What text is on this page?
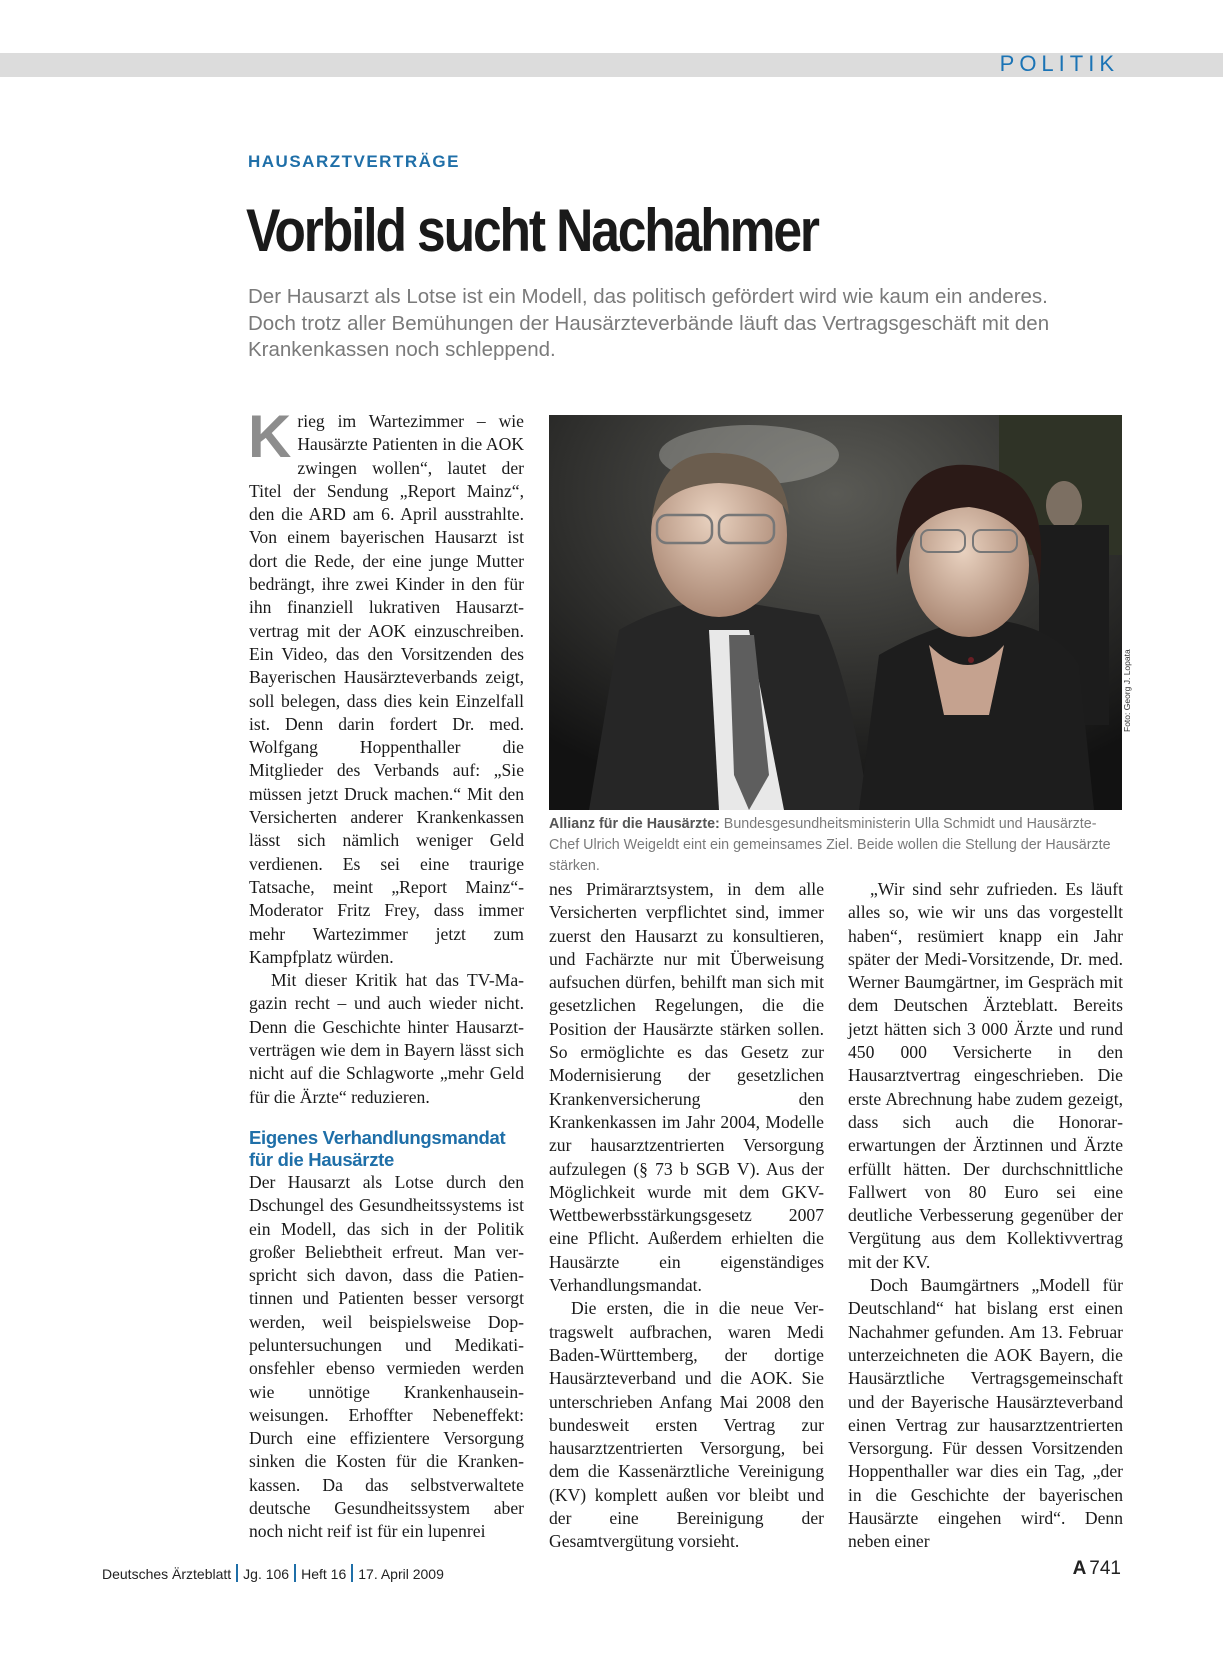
POLITIK
HAUSARZTVERTRÄGE
Vorbild sucht Nachahmer
Der Hausarzt als Lotse ist ein Modell, das politisch gefördert wird wie kaum ein anderes. Doch trotz aller Bemühungen der Hausärzteverbände läuft das Vertragsgeschäft mit den Krankenkassen noch schleppend.

Krieg im Wartezimmer – wie Hausärzte Patienten in die AOK zwingen wollen“, lautet der Titel der Sendung „Report Mainz“, den die ARD am 6. April ausstrahlte. Von einem bayerischen Hausarzt ist dort die Rede, der eine junge Mutter bedrängt, ihre zwei Kinder in den für ihn finanziell lukrativen Hausarztvertrag mit der AOK einzuschreiben. Ein Video, das den Vorsitzenden des Bayerischen Hausärzteverbands zeigt, soll belegen, dass dies kein Einzelfall ist. Denn darin fordert Dr. med. Wolfgang Hoppenthaller die Mitglieder des Verbands auf: „Sie müssen jetzt Druck machen.“ Mit den Versicherten anderer Krankenkassen lässt sich nämlich weniger Geld verdienen. Es sei eine traurige Tatsache, meint „Report Mainz“-Moderator Fritz Frey, dass immer mehr Wartezimmer jetzt zum Kampfplatz würden.

Mit dieser Kritik hat das TV-Magazin recht – und auch wieder nicht. Denn die Geschichte hinter Hausarztverträgen wie dem in Bayern lässt sich nicht auf die Schlagworte „mehr Geld für die Ärzte“ reduzieren.

Eigenes Verhandlungsmandat für die Hausärzte

Der Hausarzt als Lotse durch den Dschungel des Gesundheitssystems ist ein Modell, das sich in der Politik großer Beliebtheit erfreut. Man verspricht sich davon, dass die Patientinnen und Patienten besser versorgt werden, weil beispielsweise Doppeluntersuchungen und Medikationsfehler ebenso vermieden werden wie unnötige Krankenhauseinweisungen. Erhoffter Nebeneffekt: Durch eine effizientere Versorgung sinken die Kosten für die Krankenkassen. Da das selbstverwaltete deutsche Gesundheitssystem aber noch nicht reif ist für ein lupenrei

Foto: Georg J. Lopata
Allianz für die Hausärzte: Bundesgesundheitsministerin Ulla Schmidt und Hausärzte-Chef Ulrich Weigeldt eint ein gemeinsames Ziel. Beide wollen die Stellung der Hausärzte stärken.

nes Primärarztsystem, in dem alle Versicherten verpflichtet sind, immer zuerst den Hausarzt zu konsultieren, und Fachärzte nur mit Überweisung aufsuchen dürfen, behilft man sich mit gesetzlichen Regelungen, die die Position der Hausärzte stärken sollen. So ermöglichte es das Gesetz zur Modernisierung der gesetzlichen Krankenversicherung den Krankenkassen im Jahr 2004, Modelle zur hausarztzentrierten Versorgung aufzulegen (§ 73 b SGB V). Aus der Möglichkeit wurde mit dem GKV-Wettbewerbsstärkungsgesetz 2007 eine Pflicht. Außerdem erhielten die Hausärzte ein eigenständiges Verhandlungsmandat.

Die ersten, die in die neue Vertragswelt aufbrachen, waren Medi Baden-Württemberg, der dortige Hausärzteverband und die AOK. Sie unterschrieben Anfang Mai 2008 den bundesweit ersten Vertrag zur hausarztzentrierten Versorgung, bei dem die Kassenärztliche Vereinigung (KV) komplett außen vor bleibt und der eine Bereinigung der Gesamtvergütung vorsieht.

„Wir sind sehr zufrieden. Es läuft alles so, wie wir uns das vorgestellt haben“, resümiert knapp ein Jahr später der Medi-Vorsitzende, Dr. med. Werner Baumgärtner, im Gespräch mit dem Deutschen Ärzteblatt. Bereits jetzt hätten sich 3 000 Ärzte und rund 450 000 Versicherte in den Hausarztvertrag eingeschrieben. Die erste Abrechnung habe zudem gezeigt, dass sich auch die Honorarerwartungen der Ärztinnen und Ärzte erfüllt hätten. Der durchschnittliche Fallwert von 80 Euro sei eine deutliche Verbesserung gegenüber der Vergütung aus dem Kollektivvertrag mit der KV.

Doch Baumgärtners „Modell für Deutschland“ hat bislang erst einen Nachahmer gefunden. Am 13. Februar unterzeichneten die AOK Bayern, die Hausärztliche Vertragsgemeinschaft und der Bayerische Hausärzteverband einen Vertrag zur hausarztzentrierten Versorgung. Für dessen Vorsitzenden Hoppenthaller war dies ein Tag, „der in die Geschichte der bayerischen Hausärzte eingehen wird“. Denn neben einer

Deutsches Ärzteblatt Jg. 106 Heft 16 17. April 2009	A 741
